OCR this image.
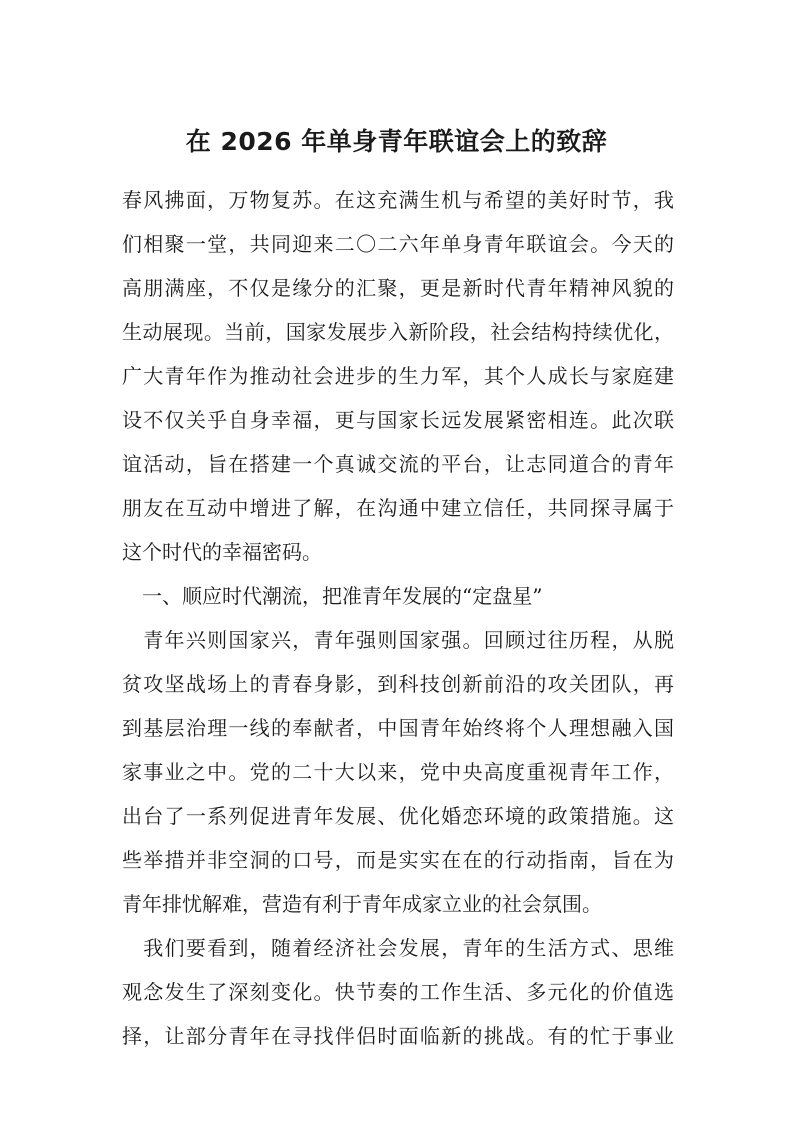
在 2026 年单身青年联谊会上的致辞

春风拂面，万物复苏。在这充满生机与希望的美好时节，我

们相聚一堂，共同迎来二〇二六年单身青年联谊会。今天的

高朋满座，不仅是缘分的汇聚，更是新时代青年精神风貌的

生动展现。当前，国家发展步入新阶段，社会结构持续优化，

广大青年作为推动社会进步的生力军，其个人成长与家庭建

设不仅关乎自身幸福，更与国家长远发展紧密相连。此次联

谊活动，旨在搭建一个真诚交流的平台，让志同道合的青年

朋友在互动中增进了解，在沟通中建立信任，共同探寻属于

这个时代的幸福密码。

　一、顺应时代潮流，把准青年发展的“定盘星”

　青年兴则国家兴，青年强则国家强。回顾过往历程，从脱

贫攻坚战场上的青春身影，到科技创新前沿的攻关团队，再

到基层治理一线的奉献者，中国青年始终将个人理想融入国

家事业之中。党的二十大以来，党中央高度重视青年工作，

出台了一系列促进青年发展、优化婚恋环境的政策措施。这

些举措并非空洞的口号，而是实实在在的行动指南，旨在为

青年排忧解难，营造有利于青年成家立业的社会氛围。

　我们要看到，随着经济社会发展，青年的生活方式、思维

观念发生了深刻变化。快节奏的工作生活、多元化的价值选

择，让部分青年在寻找伴侣时面临新的挑战。有的忙于事业
